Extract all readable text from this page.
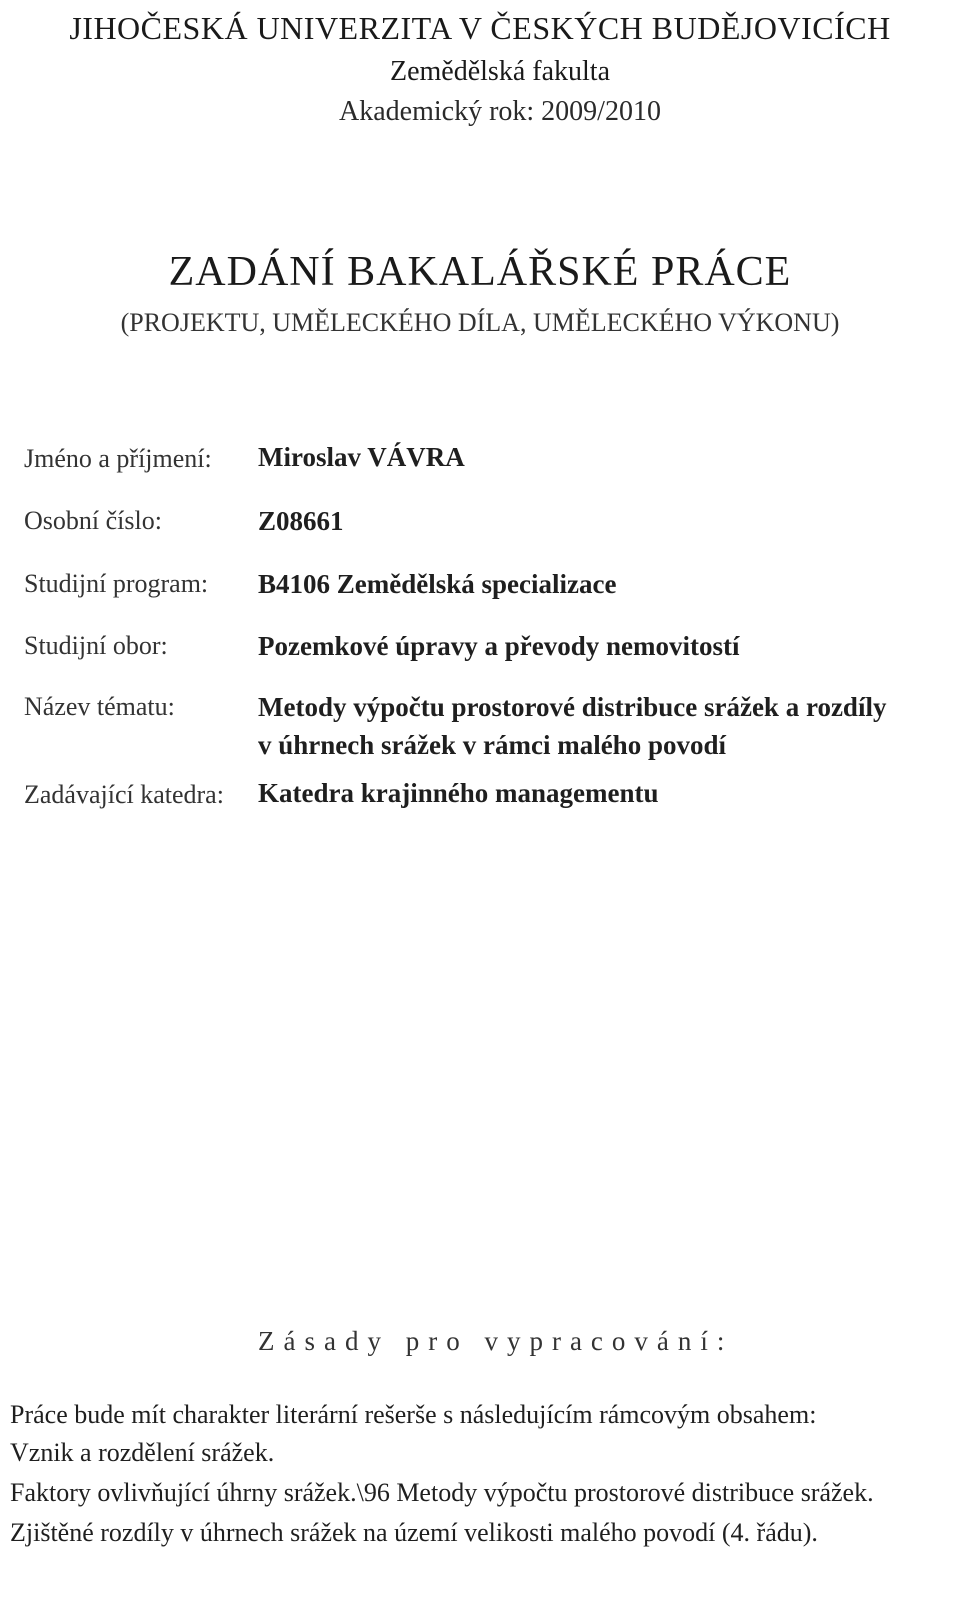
JIHOČESKÁ UNIVERZITA V ČESKÝCH BUDĚJOVICÍCH
Zemědělská fakulta
Akademický rok: 2009/2010
ZADÁNÍ BAKALÁŘSKÉ PRÁCE
(PROJEKTU, UMĚLECKÉHO DÍLA, UMĚLECKÉHO VÝKONU)
Jméno a příjmení: Miroslav VÁVRA
Osobní číslo:	Z08661
Studijní program: B4106 Zemědělská specializace
Studijní obor:	Pozemkové úpravy a převody nemovitostí
Název tématu:	Metody výpočtu prostorové distribuce srážek a rozdíly
v úhrnech srážek v rámci malého povodí
Zadávající katedra: Katedra krajinného managementu
Zásady pro vypracování:
Práce bude mít charakter literární rešerše s následujícím rámcovým obsahem:
Vznik a rozdělení srážek.
Faktory ovlivňující úhrny srážek.\96 Metody výpočtu prostorové distribuce srážek.
Zjištěné rozdíly v úhrnech srážek na území velikosti malého povodí (4. řádu).
